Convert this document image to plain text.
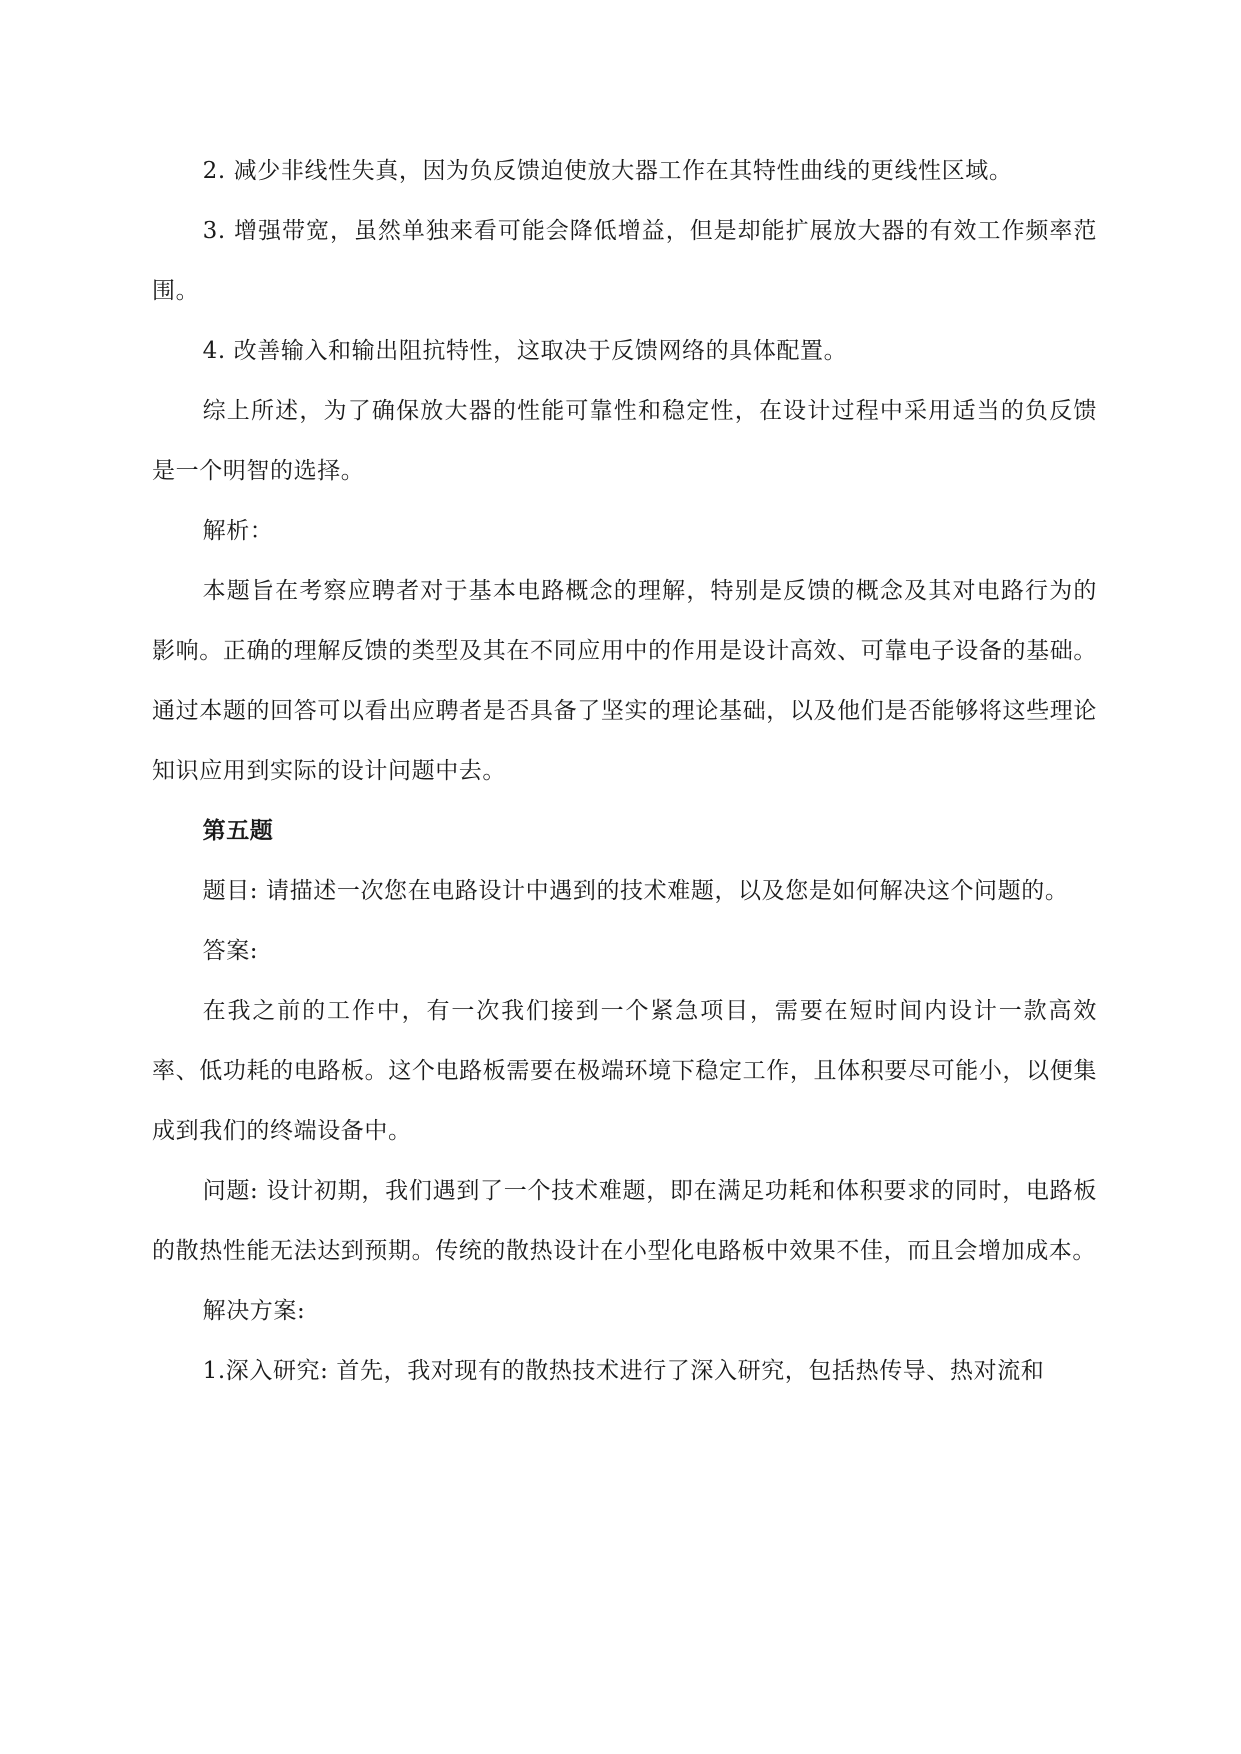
2. 减少非线性失真，因为负反馈迫使放大器工作在其特性曲线的更线性区域。

3. 增强带宽，虽然单独来看可能会降低增益，但是却能扩展放大器的有效工作频率范围。

4. 改善输入和输出阻抗特性，这取决于反馈网络的具体配置。

综上所述，为了确保放大器的性能可靠性和稳定性，在设计过程中采用适当的负反馈是一个明智的选择。

解析：

本题旨在考察应聘者对于基本电路概念的理解，特别是反馈的概念及其对电路行为的影响。正确的理解反馈的类型及其在不同应用中的作用是设计高效、可靠电子设备的基础。通过本题的回答可以看出应聘者是否具备了坚实的理论基础，以及他们是否能够将这些理论知识应用到实际的设计问题中去。

第五题

题目: 请描述一次您在电路设计中遇到的技术难题，以及您是如何解决这个问题的。

答案:

在我之前的工作中，有一次我们接到一个紧急项目，需要在短时间内设计一款高效率、低功耗的电路板。这个电路板需要在极端环境下稳定工作，且体积要尽可能小，以便集成到我们的终端设备中。

问题: 设计初期，我们遇到了一个技术难题，即在满足功耗和体积要求的同时，电路板的散热性能无法达到预期。传统的散热设计在小型化电路板中效果不佳，而且会增加成本。

解决方案:

1.深入研究: 首先，我对现有的散热技术进行了深入研究，包括热传导、热对流和
